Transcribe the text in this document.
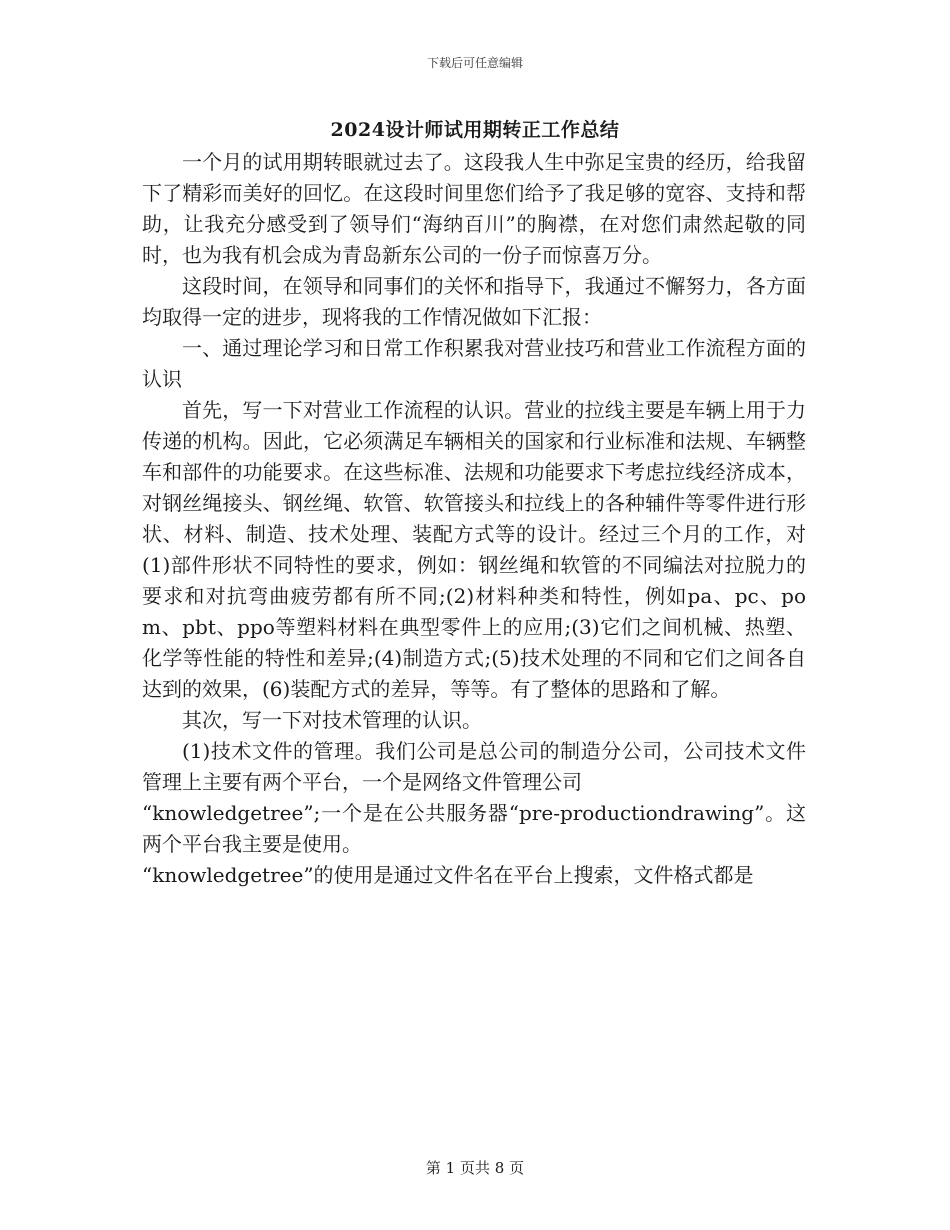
下载后可任意编辑
2024设计师试用期转正工作总结

一个月的试用期转眼就过去了。这段我人生中弥足宝贵的经历，给我留下了精彩而美好的回忆。在这段时间里您们给予了我足够的宽容、支持和帮助，让我充分感受到了领导们“海纳百川”的胸襟，在对您们肃然起敬的同时，也为我有机会成为青岛新东公司的一份子而惊喜万分。

这段时间，在领导和同事们的关怀和指导下，我通过不懈努力，各方面均取得一定的进步，现将我的工作情况做如下汇报：

一、通过理论学习和日常工作积累我对营业技巧和营业工作流程方面的认识

首先，写一下对营业工作流程的认识。营业的拉线主要是车辆上用于力传递的机构。因此，它必须满足车辆相关的国家和行业标准和法规、车辆整车和部件的功能要求。在这些标准、法规和功能要求下考虑拉线经济成本，对钢丝绳接头、钢丝绳、软管、软管接头和拉线上的各种辅件等零件进行形状、材料、制造、技术处理、装配方式等的设计。经过三个月的工作，对(1)部件形状不同特性的要求，例如：钢丝绳和软管的不同编法对拉脱力的要求和对抗弯曲疲劳都有所不同;(2)材料种类和特性，例如pa、pc、pom、pbt、ppo等塑料材料在典型零件上的应用;(3)它们之间机械、热塑、化学等性能的特性和差异;(4)制造方式;(5)技术处理的不同和它们之间各自达到的效果，(6)装配方式的差异，等等。有了整体的思路和了解。

其次，写一下对技术管理的认识。

(1)技术文件的管理。我们公司是总公司的制造分公司，公司技术文件管理上主要有两个平台，一个是网络文件管理公司

“knowledgetree”;一个是在公共服务器“pre-productiondrawing”。这两个平台我主要是使用。

“knowledgetree”的使用是通过文件名在平台上搜索，文件格式都是

第 1 页共 8 页
